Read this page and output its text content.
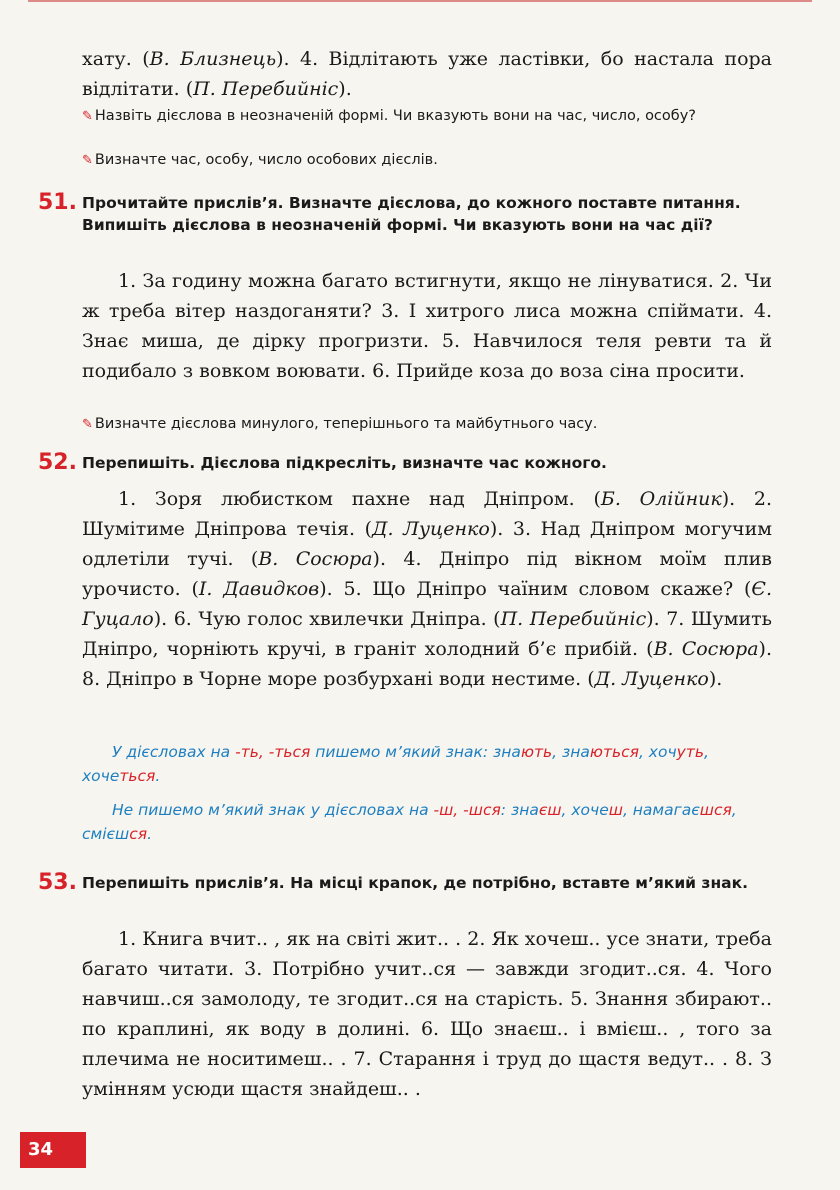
хату. (В. Близнець). 4. Відлітають уже ластівки, бо настала пора відлітати. (П. Перебийніс).

✎ Назвіть дієслова в неозначеній формі. Чи вказують вони на час, число, особу?
✎ Визначте час, особу, число особових дієслів.
51. Прочитайте прислів’я. Визначте дієслова, до кожного поставте питання. Випишіть дієслова в неозначеній формі. Чи вказують вони на час дії?

1. За годину можна багато встигнути, якщо не лінуватися. 2. Чи ж треба вітер наздоганяти? 3. І хитрого лиса можна спіймати. 4. Знає миша, де дірку прогризти. 5. Навчилося теля ревти та й подибало з вовком воювати. 6. Прийде коза до воза сіна просити.

✎ Визначте дієслова минулого, теперішнього та майбутнього часу.
52. Перепишіть. Дієслова підкресліть, визначте час кожного.

1. Зоря любистком пахне над Дніпром. (Б. Олійник). 2. Шумітиме Дніпрова течія. (Д. Луценко). 3. Над Дніпром могучим одлетіли тучі. (В. Сосюра). 4. Дніпро під вікном моїм плив урочисто. (І. Давидков). 5. Що Дніпро чаїним словом скаже? (Є. Гуцало). 6. Чую голос хвилечки Дніпра. (П. Перебийніс). 7. Шумить Дніпро, чорніють кручі, в граніт холодний б’є прибій. (В. Сосюра). 8. Дніпро в Чорне море розбурхані води нестиме. (Д. Луценко).

У дієсловах на -ть, -ться пишемо м’який знак: знають, знаються, хочуть, хочеться.
Не пишемо м’який знак у дієсловах на -ш, -шся: знаєш, хочеш, намагаєшся, смієшся.
53. Перепишіть прислів’я. На місці крапок, де потрібно, вставте м’який знак.

1. Книга вчит.. , як на світі жит.. . 2. Як хочеш.. усе знати, треба багато читати. 3. Потрібно учит..ся — завжди згодит..ся. 4. Чого навчиш..ся замолоду, те згодит..ся на старість. 5. Знання збирают.. по краплині, як воду в долині. 6. Що знаєш.. і вмієш.. , того за плечима не носитимеш.. . 7. Старання і труд до щастя ведут.. . 8. З умінням усюди щастя знайдеш.. .

34
